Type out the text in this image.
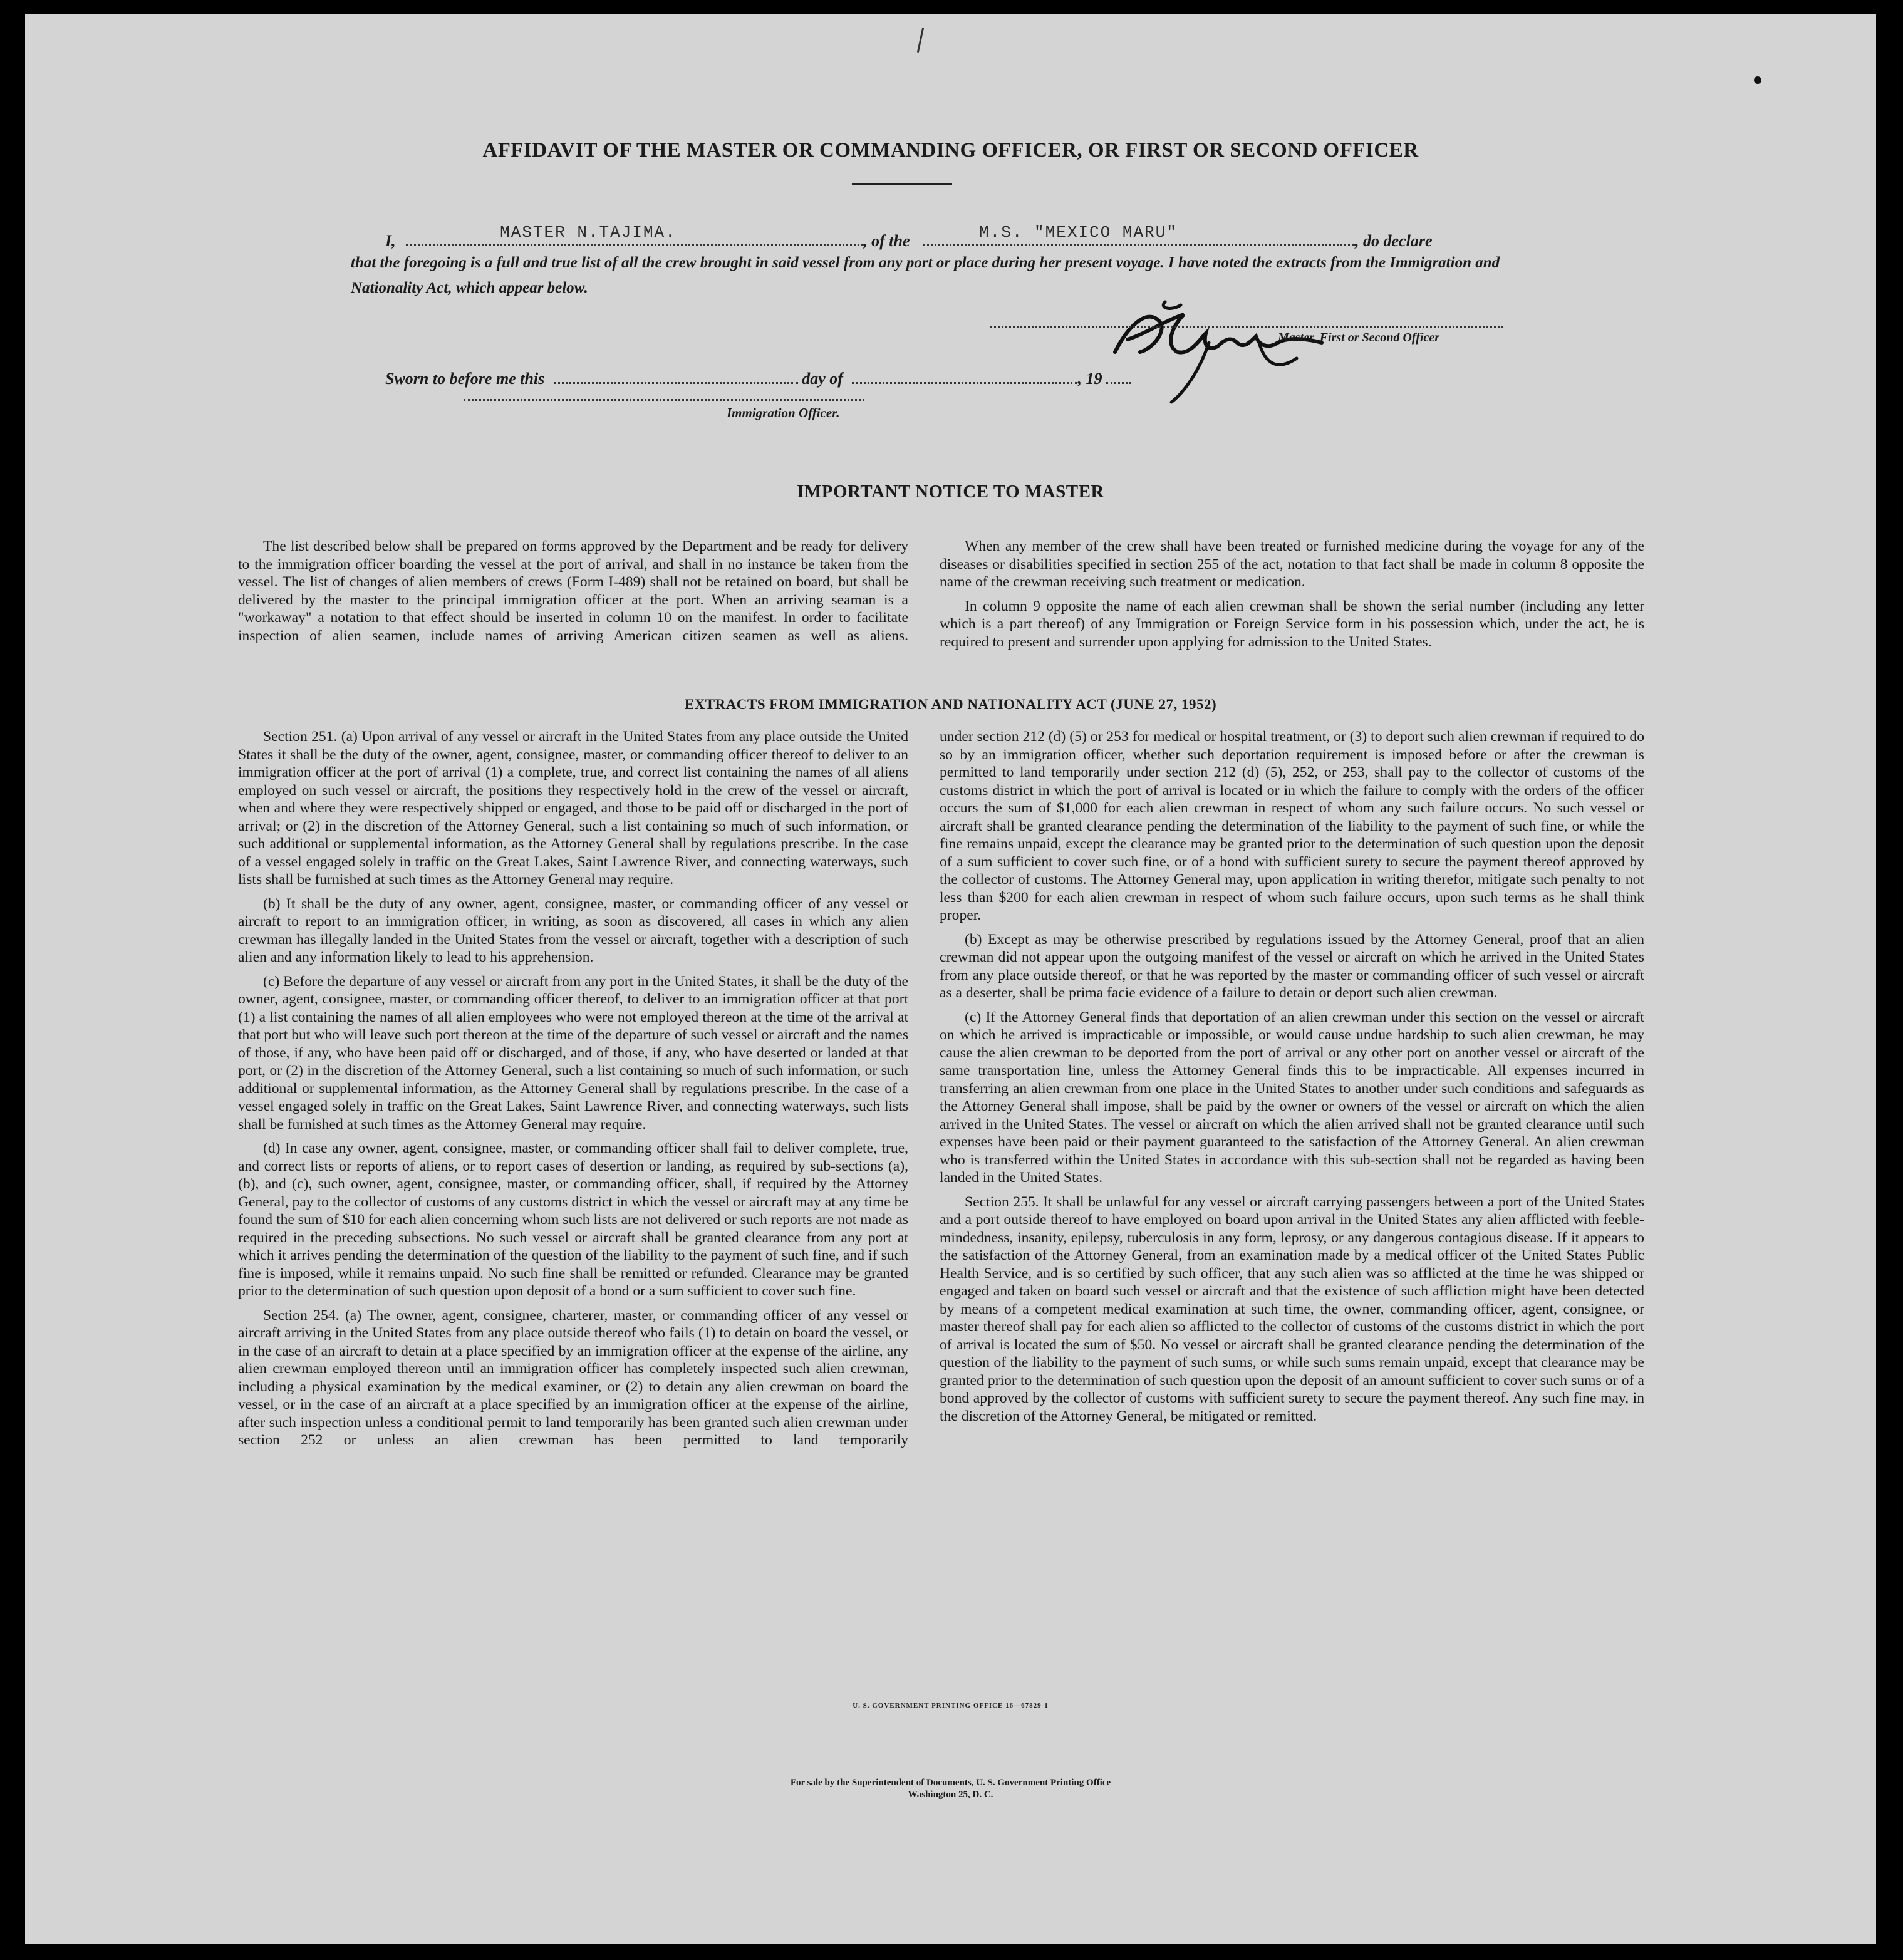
AFFIDAVIT OF THE MASTER OR COMMANDING OFFICER, OR FIRST OR SECOND OFFICER
I,	MASTER N.TAJIMA.	, of the	M.S. "MEXICO MARU"	, do declare
that the foregoing is a full and true list of all the crew brought in said vessel from any port or place during her present voyage. I have noted the extracts from the Immigration and Nationality Act, which appear below.
Master, First or Second Officer
Sworn to before me this	day of	, 19
Immigration Officer.
IMPORTANT NOTICE TO MASTER

The list described below shall be prepared on forms approved by the Department and be ready for delivery to the immigration officer boarding the vessel at the port of arrival, and shall in no instance be taken from the vessel. The list of changes of alien members of crews (Form I-489) shall not be retained on board, but shall be delivered by the master to the principal immigration officer at the port. When an arriving seaman is a "workaway" a notation to that effect should be inserted in column 10 on the manifest. In order to facilitate inspection of alien seamen, include names of arriving American citizen seamen as well as aliens.

When any member of the crew shall have been treated or furnished medicine during the voyage for any of the diseases or disabilities specified in section 255 of the act, notation to that fact shall be made in column 8 opposite the name of the crewman receiving such treatment or medication.

In column 9 opposite the name of each alien crewman shall be shown the serial number (including any letter which is a part thereof) of any Immigration or Foreign Service form in his possession which, under the act, he is required to present and surrender upon applying for admission to the United States.

EXTRACTS FROM IMMIGRATION AND NATIONALITY ACT (JUNE 27, 1952)

Section 251. (a) Upon arrival of any vessel or aircraft in the United States from any place outside the United States it shall be the duty of the owner, agent, consignee, master, or commanding officer thereof to deliver to an immigration officer at the port of arrival (1) a complete, true, and correct list containing the names of all aliens employed on such vessel or aircraft, the positions they respectively hold in the crew of the vessel or aircraft, when and where they were respectively shipped or engaged, and those to be paid off or discharged in the port of arrival; or (2) in the discretion of the Attorney General, such a list containing so much of such information, or such additional or supplemental information, as the Attorney General shall by regulations prescribe. In the case of a vessel engaged solely in traffic on the Great Lakes, Saint Lawrence River, and connecting waterways, such lists shall be furnished at such times as the Attorney General may require.

(b) It shall be the duty of any owner, agent, consignee, master, or commanding officer of any vessel or aircraft to report to an immigration officer, in writing, as soon as discovered, all cases in which any alien crewman has illegally landed in the United States from the vessel or aircraft, together with a description of such alien and any information likely to lead to his apprehension.

(c) Before the departure of any vessel or aircraft from any port in the United States, it shall be the duty of the owner, agent, consignee, master, or commanding officer thereof, to deliver to an immigration officer at that port (1) a list containing the names of all alien employees who were not employed thereon at the time of the arrival at that port but who will leave such port thereon at the time of the departure of such vessel or aircraft and the names of those, if any, who have been paid off or discharged, and of those, if any, who have deserted or landed at that port, or (2) in the discretion of the Attorney General, such a list containing so much of such information, or such additional or supplemental information, as the Attorney General shall by regulations prescribe. In the case of a vessel engaged solely in traffic on the Great Lakes, Saint Lawrence River, and connecting waterways, such lists shall be furnished at such times as the Attorney General may require.

(d) In case any owner, agent, consignee, master, or commanding officer shall fail to deliver complete, true, and correct lists or reports of aliens, or to report cases of desertion or landing, as required by sub-sections (a), (b), and (c), such owner, agent, consignee, master, or commanding officer, shall, if required by the Attorney General, pay to the collector of customs of any customs district in which the vessel or aircraft may at any time be found the sum of $10 for each alien concerning whom such lists are not delivered or such reports are not made as required in the preceding subsections. No such vessel or aircraft shall be granted clearance from any port at which it arrives pending the determination of the question of the liability to the payment of such fine, and if such fine is imposed, while it remains unpaid. No such fine shall be remitted or refunded. Clearance may be granted prior to the determination of such question upon deposit of a bond or a sum sufficient to cover such fine.

Section 254. (a) The owner, agent, consignee, charterer, master, or commanding officer of any vessel or aircraft arriving in the United States from any place outside thereof who fails (1) to detain on board the vessel, or in the case of an aircraft to detain at a place specified by an immigration officer at the expense of the airline, any alien crewman employed thereon until an immigration officer has completely inspected such alien crewman, including a physical examination by the medical examiner, or (2) to detain any alien crewman on board the vessel, or in the case of an aircraft at a place specified by an immigration officer at the expense of the airline, after such inspection unless a conditional permit to land temporarily has been granted such alien crewman under section 252 or unless an alien crewman has been permitted to land temporarily

under section 212 (d) (5) or 253 for medical or hospital treatment, or (3) to deport such alien crewman if required to do so by an immigration officer, whether such deportation requirement is imposed before or after the crewman is permitted to land temporarily under section 212 (d) (5), 252, or 253, shall pay to the collector of customs of the customs district in which the port of arrival is located or in which the failure to comply with the orders of the officer occurs the sum of $1,000 for each alien crewman in respect of whom any such failure occurs. No such vessel or aircraft shall be granted clearance pending the determination of the liability to the payment of such fine, or while the fine remains unpaid, except the clearance may be granted prior to the determination of such question upon the deposit of a sum sufficient to cover such fine, or of a bond with sufficient surety to secure the payment thereof approved by the collector of customs. The Attorney General may, upon application in writing therefor, mitigate such penalty to not less than $200 for each alien crewman in respect of whom such failure occurs, upon such terms as he shall think proper.

(b) Except as may be otherwise prescribed by regulations issued by the Attorney General, proof that an alien crewman did not appear upon the outgoing manifest of the vessel or aircraft on which he arrived in the United States from any place outside thereof, or that he was reported by the master or commanding officer of such vessel or aircraft as a deserter, shall be prima facie evidence of a failure to detain or deport such alien crewman.

(c) If the Attorney General finds that deportation of an alien crewman under this section on the vessel or aircraft on which he arrived is impracticable or impossible, or would cause undue hardship to such alien crewman, he may cause the alien crewman to be deported from the port of arrival or any other port on another vessel or aircraft of the same transportation line, unless the Attorney General finds this to be impracticable. All expenses incurred in transferring an alien crewman from one place in the United States to another under such conditions and safeguards as the Attorney General shall impose, shall be paid by the owner or owners of the vessel or aircraft on which the alien arrived in the United States. The vessel or aircraft on which the alien arrived shall not be granted clearance until such expenses have been paid or their payment guaranteed to the satisfaction of the Attorney General. An alien crewman who is transferred within the United States in accordance with this sub-section shall not be regarded as having been landed in the United States.

Section 255. It shall be unlawful for any vessel or aircraft carrying passengers between a port of the United States and a port outside thereof to have employed on board upon arrival in the United States any alien afflicted with feeble-mindedness, insanity, epilepsy, tuberculosis in any form, leprosy, or any dangerous contagious disease. If it appears to the satisfaction of the Attorney General, from an examination made by a medical officer of the United States Public Health Service, and is so certified by such officer, that any such alien was so afflicted at the time he was shipped or engaged and taken on board such vessel or aircraft and that the existence of such affliction might have been detected by means of a competent medical examination at such time, the owner, commanding officer, agent, consignee, or master thereof shall pay for each alien so afflicted to the collector of customs of the customs district in which the port of arrival is located the sum of $50. No vessel or aircraft shall be granted clearance pending the determination of the question of the liability to the payment of such sums, or while such sums remain unpaid, except that clearance may be granted prior to the determination of such question upon the deposit of an amount sufficient to cover such sums or of a bond approved by the collector of customs with sufficient surety to secure the payment thereof. Any such fine may, in the discretion of the Attorney General, be mitigated or remitted.

U. S. GOVERNMENT PRINTING OFFICE 16—67829-1
For sale by the Superintendent of Documents, U. S. Government Printing Office
Washington 25, D. C.
